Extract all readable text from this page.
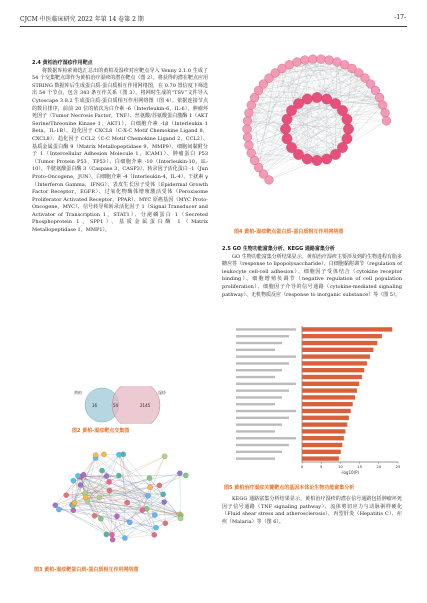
CJCM 中医临床研究 2022 年第 14 卷第 2 期	-17-

2.4 黄柏治疗湿疹作用靶点

将数据库检索筛选汇总出的黄柏及湿疹对应靶点导入 Venny 2.1.0 生成了 54 个交集靶点即作为黄柏治疗湿疹的潜在靶点（图 2）。将获得的潜在靶点应用 STRING 数据库后生成蛋白质-蛋白质相互作用网络图，在 0.70 置信度下筛选出 54 个节点，包含 343 条互作关系（图 3）。将网时生成的“TSV”文件导入 Cytoscape 3.8.2 生成蛋白质-蛋白质相互作用网络图（图 4）。依据连接节点的数目排序，前前 20 位的依次为白介素 -6（Interleukin-6，IL-6）、肿瘤坏死因子（Tumor Necrosis Factor，TNF）、丝氨酸/苏氨酸蛋白激酶 1（AKT Serine/Threonine Kinase 1，AKT1）、白细胞介素 -1β（Interleukin 1 Beta，IL-1B）、趋化因子 CXCL8（C-X-C Motif Chemokine Ligand 8，CXCL8）、趋化因子 CCL2（C-C Motif Chemokine Ligand 2，CCL2）、基质金属蛋白酶 9（Matrix Metallopeptidase 9，MMP9）、细胞间黏附分子 1（Intercellular Adhesion Molecule 1，ICAM1）、肿瘤蛋白 P53（Tumor Protein P53，TP53）、白细胞介素 -10（Interleukin-10，IL-10）、半胱氨酸蛋白酶 3（Caspase 3，CASP3）、转录因子活化蛋白 -1（Jun Proto-Oncogene，JUN）、白细胞介素 -4（Interleukin-4，IL-4）、干扰素 γ（Interferon Gamma，IFNG）、表皮生长因子受体（Epidermal Growth Factor Receptor，EGFR）、过氧化物酶体增殖激活受体（Peroxisome Proliferator Activated Receptor，PPAR）、MYC 原癌基因（MYC Proto-Oncogene，MYC）、信号转导和转录活化因子 1（Signal Transducer and Activator of Transcription 1，STAT1）、分泌磷蛋白 1（Secreted Phosphoprotein 1，SPP1）、基质金属蛋白酶 1（Matrix Metallopeptidase 1，MMP1）。

黄柏	湿疹
16	54	2145
图2 黄柏-湿疹靶点交集图
图3 黄柏-湿疹靶蛋白质-蛋白质相互作用网络图
图4 黄柏-湿疹靶点蛋白质-蛋白质相互作用网络图

2.5 GO 生物功能富集分析、KEGG 通路富集分析

GO 生物功能富集分析结果显示，黄柏治疗湿疹主要涉及到的生物进程有脂多糖应答（response to lipopolysaccharide）、白细胞黏附调节（regulation of leukocyte cell-cell adhesion）、细胞因子受体结合（cytokine receptor binding）、细胞增殖负调节（negative regulation of cell population proliferation）、细胞因子介导的信号通路（cytokine-mediated signaling pathway）、无机物质反应（response to inorganic substance）等（图 5）。

0	5	10	15	20	25
-log10(P)
图5 黄柏治疗湿疹关键靶点的基因本体论生物功能富集分析

KEGG 通路富集分析结果显示，黄柏治疗湿疹的潜在信号通路包括肿瘤坏死因子信号通路（TNF signaling pathway）、流体剪切应力与动脉粥样硬化（Fluid shear stress and atherosclerosis）、丙型肝炎（Hepatitis C）、疟疾（Malaria）等（图 6）。
